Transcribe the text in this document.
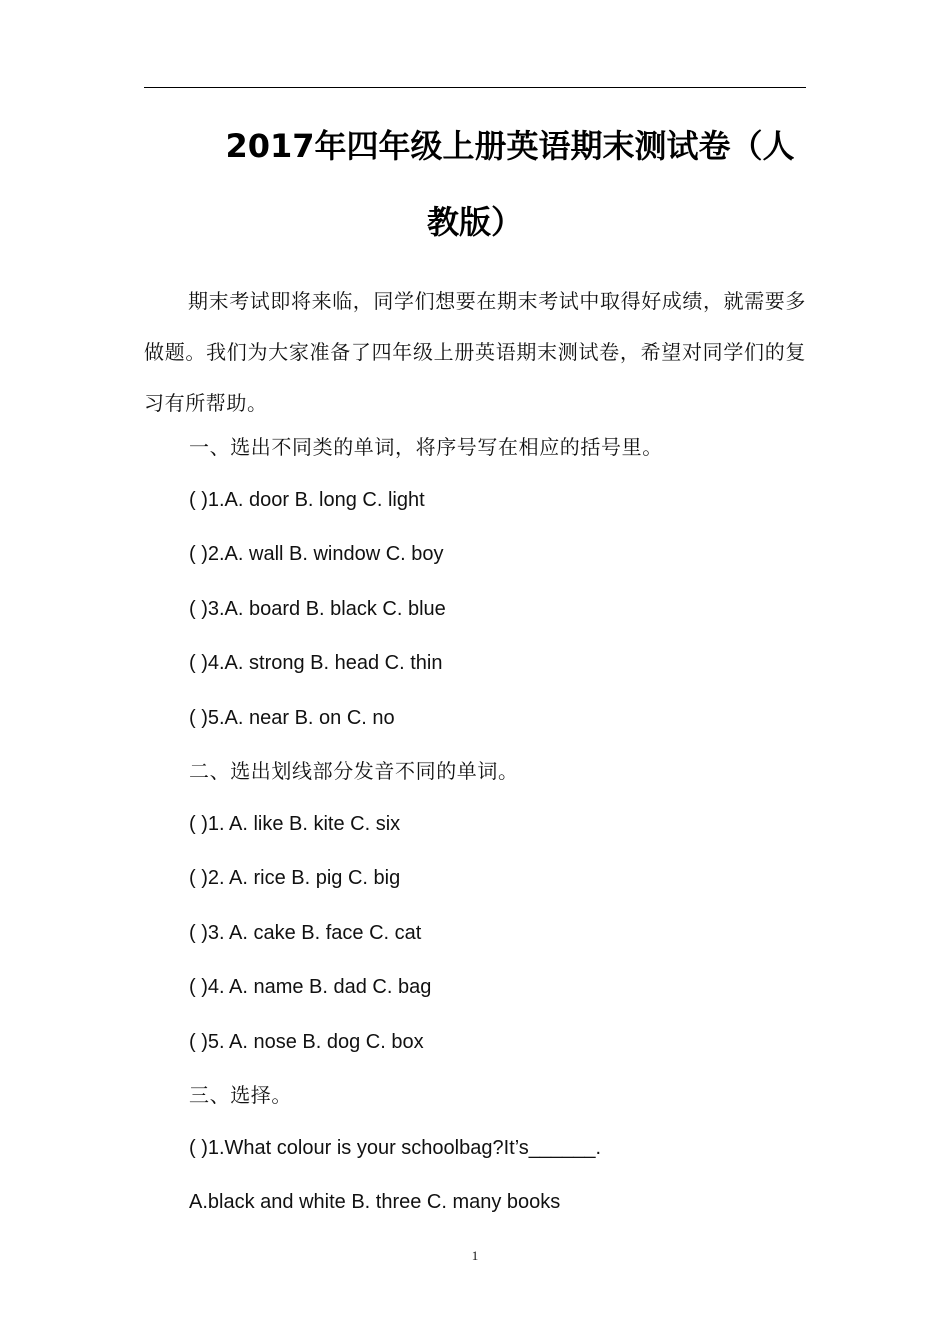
2017年四年级上册英语期末测试卷（人
教版）
期末考试即将来临，同学们想要在期末考试中取得好成绩，就需要多做题。我们为大家准备了四年级上册英语期末测试卷，希望对同学们的复习有所帮助。
一、选出不同类的单词，将序号写在相应的括号里。
( )1.A. door B. long C. light
( )2.A. wall B. window C. boy
( )3.A. board B. black C. blue
( )4.A. strong B. head C. thin
( )5.A. near B. on C. no
二、选出划线部分发音不同的单词。
( )1. A. like B. kite C. six
( )2. A. rice B. pig C. big
( )3. A. cake B. face C. cat
( )4. A. name B. dad C. bag
( )5. A. nose B. dog C. box
三、选择。
( )1.What colour is your schoolbag?It’s______.
A.black and white B. three C. many books
1
